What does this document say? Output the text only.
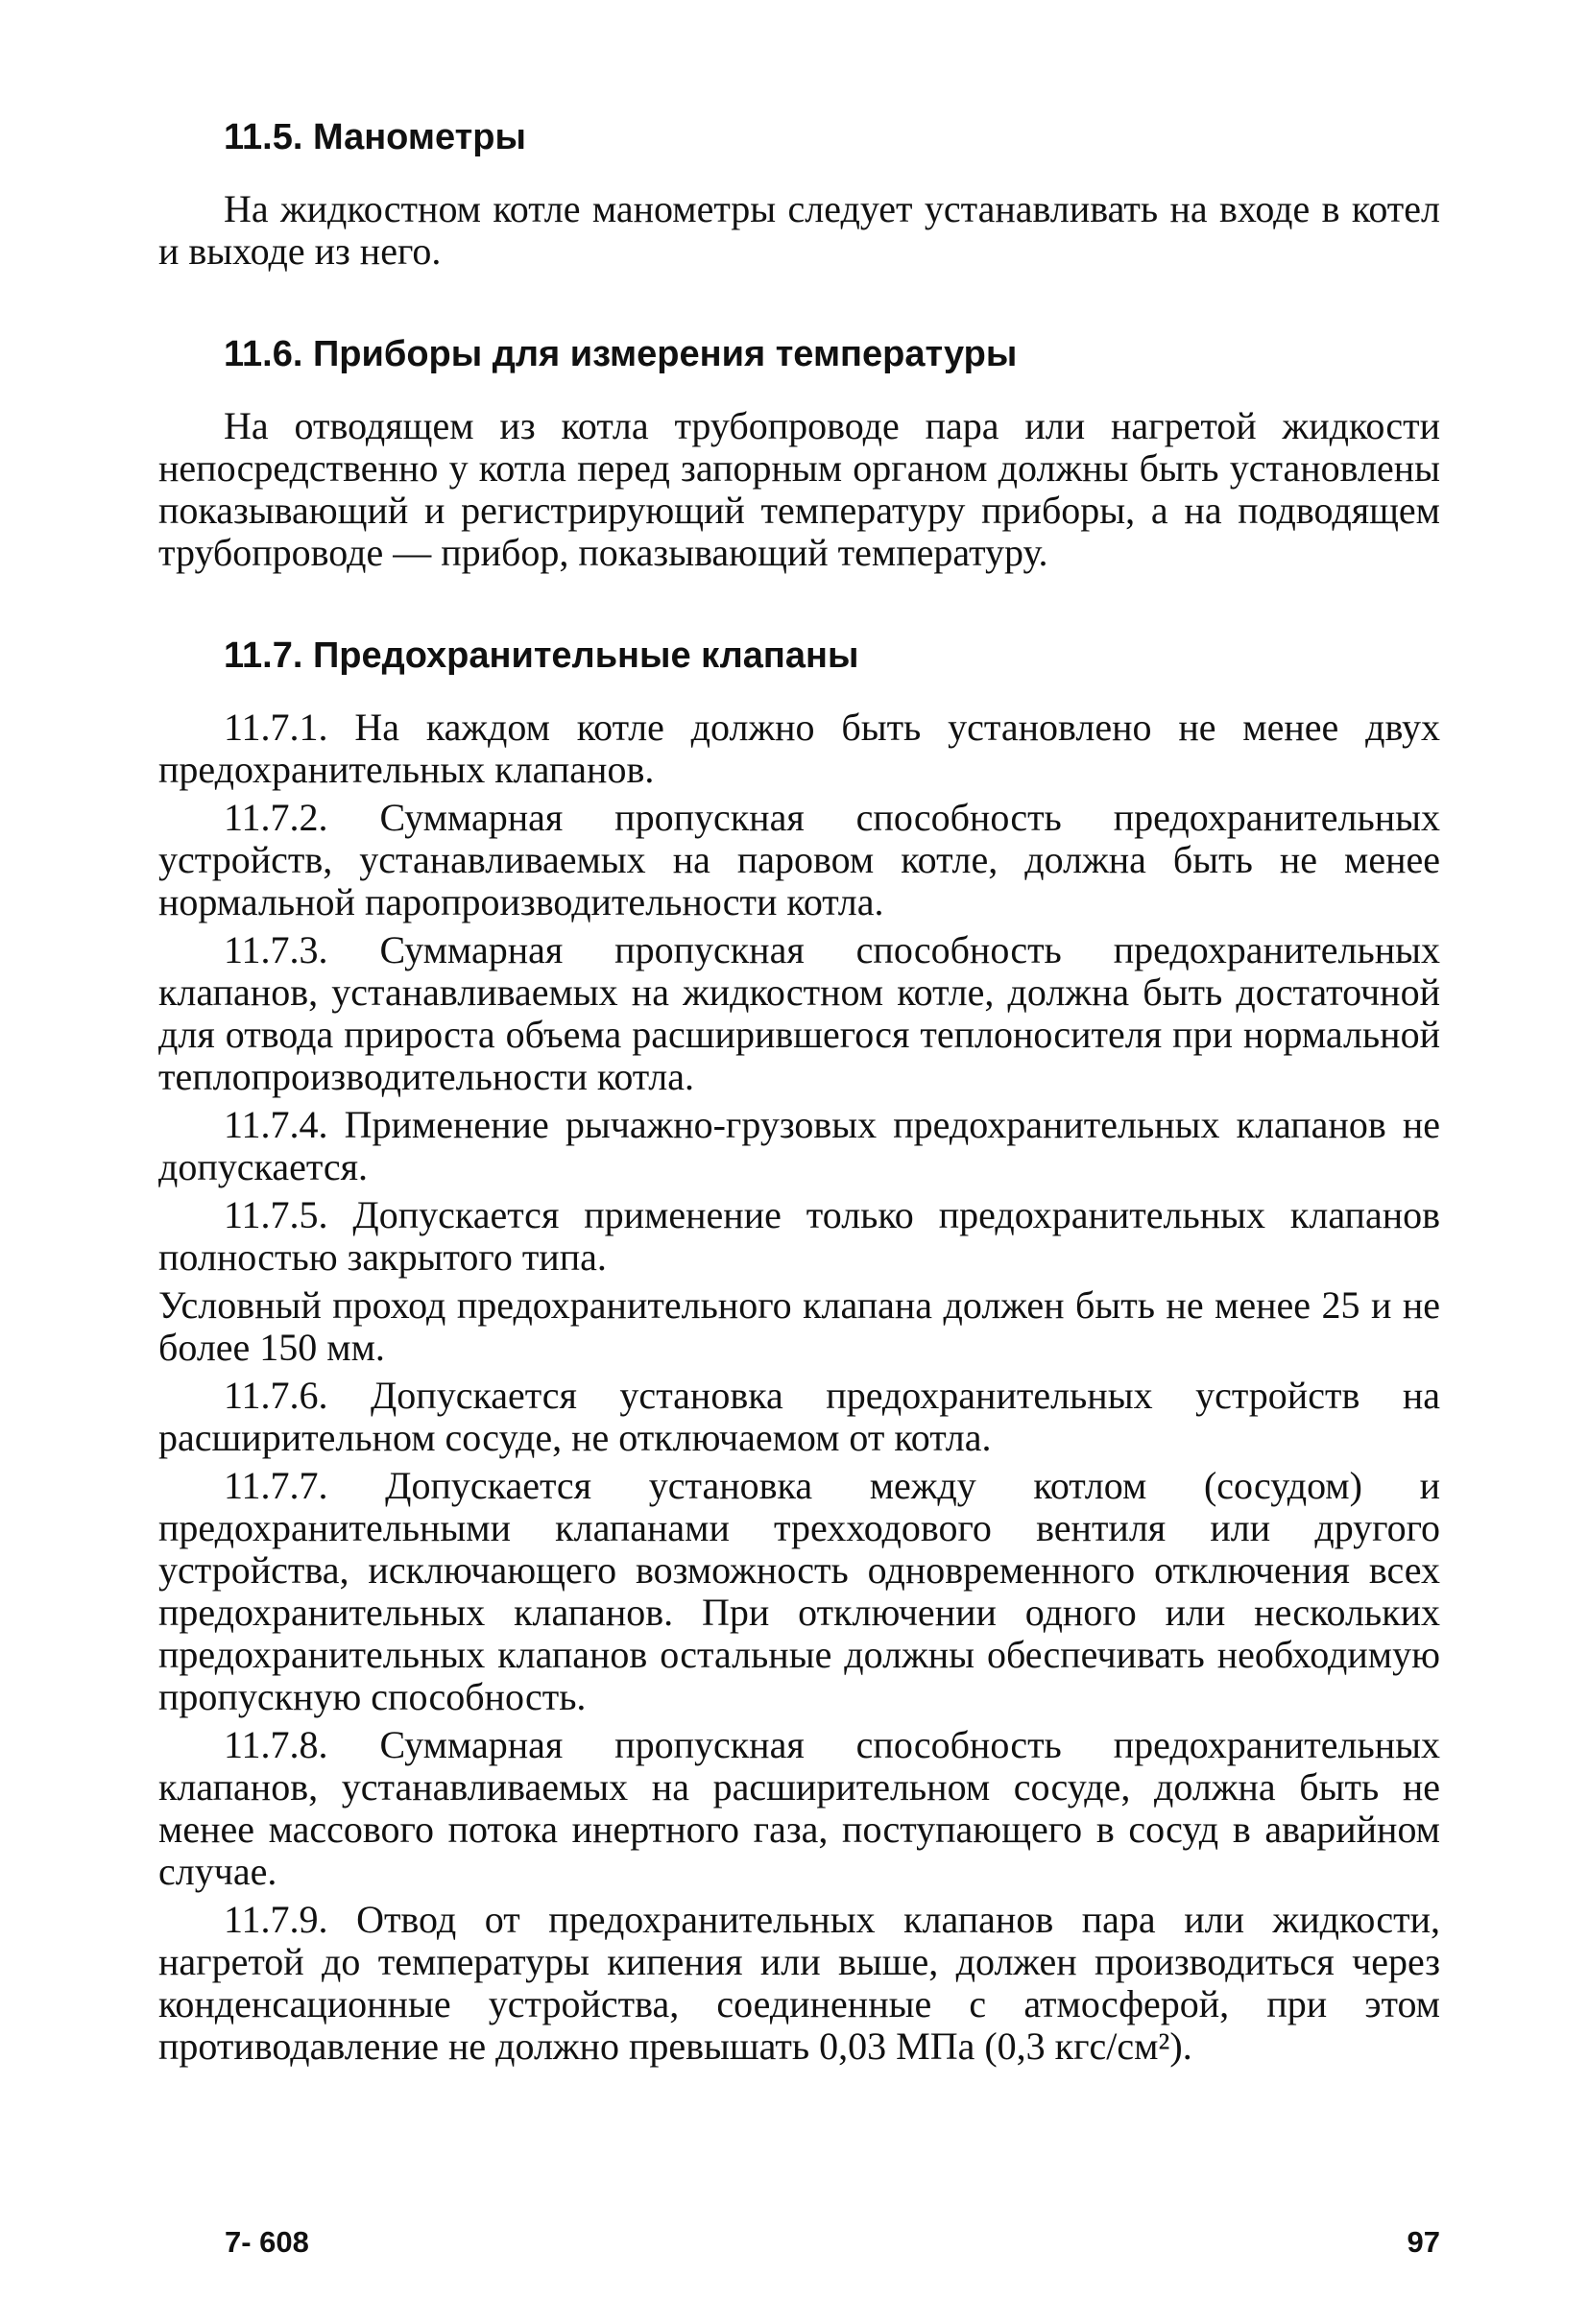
11.5. Манометры

На жидкостном котле манометры следует устанавливать на входе в котел и выходе из него.

11.6. Приборы для измерения температуры

На отводящем из котла трубопроводе пара или нагретой жидкости непосредственно у котла перед запорным органом должны быть установлены показывающий и регистрирующий температуру приборы, а на подводящем трубопроводе — прибор, показывающий температуру.

11.7. Предохранительные клапаны

11.7.1. На каждом котле должно быть установлено не менее двух предохранительных клапанов.

11.7.2. Суммарная пропускная способность предохранительных устройств, устанавливаемых на паровом котле, должна быть не менее нормальной паропроизводительности котла.

11.7.3. Суммарная пропускная способность предохранительных клапанов, устанавливаемых на жидкостном котле, должна быть достаточной для отвода прироста объема расширившегося теплоносителя при нормальной теплопроизводительности котла.

11.7.4. Применение рычажно-грузовых предохранительных клапанов не допускается.

11.7.5. Допускается применение только предохранительных клапанов полностью закрытого типа.

Условный проход предохранительного клапана должен быть не менее 25 и не более 150 мм.

11.7.6. Допускается установка предохранительных устройств на расширительном сосуде, не отключаемом от котла.

11.7.7. Допускается установка между котлом (сосудом) и предохранительными клапанами трехходового вентиля или другого устройства, исключающего возможность одновременного отключения всех предохранительных клапанов. При отключении одного или нескольких предохранительных клапанов остальные должны обеспечивать необходимую пропускную способность.

11.7.8. Суммарная пропускная способность предохранительных клапанов, устанавливаемых на расширительном сосуде, должна быть не менее массового потока инертного газа, поступающего в сосуд в аварийном случае.

11.7.9. Отвод от предохранительных клапанов пара или жидкости, нагретой до температуры кипения или выше, должен производиться через конденсационные устройства, соединенные с атмосферой, при этом противодавление не должно превышать 0,03 МПа (0,3 кгс/см²).

7- 608	97
